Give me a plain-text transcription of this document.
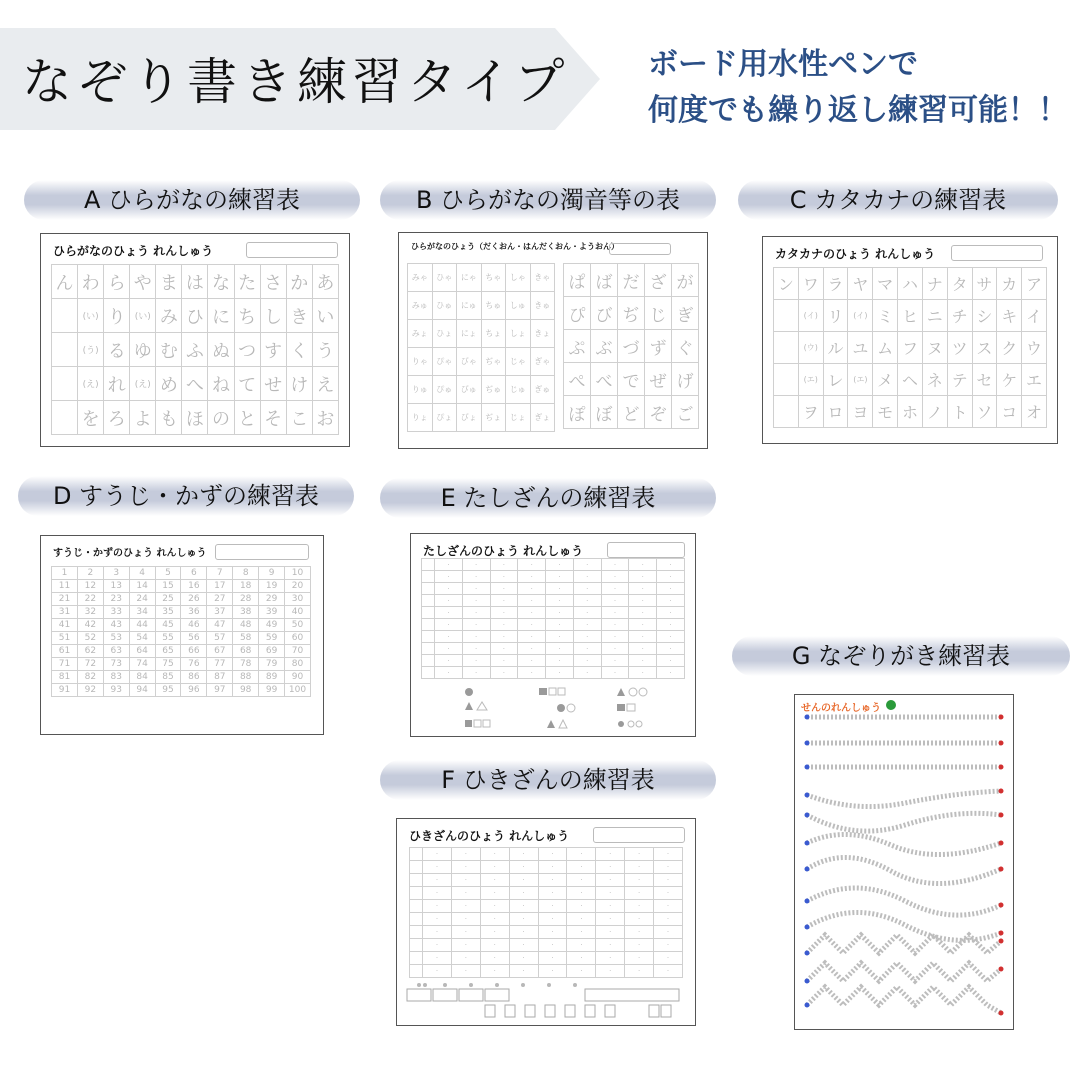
なぞり書き練習タイプ	ボード用水性ペンで
何度でも繰り返し練習可能！！
A ひらがなの練習表	B ひらがなの濁音等の表	C カタカナの練習表
D すうじ・かずの練習表	E たしざんの練習表
F ひきざんの練習表
G なぞりがき練習表
ひらがなのひょう れんしゅう
ん	わ	ら	や	ま	は	な	た	さ	か	あ
	(い)	り	(い)	み	ひ	に	ち	し	き	い
	(う)	る	ゆ	む	ふ	ぬ	つ	す	く	う
	(え)	れ	(え)	め	へ	ね	て	せ	け	え
	を	ろ	よ	も	ほ	の	と	そ	こ	お
ひらがなのひょう（だくおん・はんだくおん・ようおん）
みゃ	ひゃ	にゃ	ちゃ	しゃ	きゃ
みゅ	ひゅ	にゅ	ちゅ	しゅ	きゅ
みょ	ひょ	にょ	ちょ	しょ	きょ
りゃ	ぴゃ	びゃ	ぢゃ	じゃ	ぎゃ
りゅ	ぴゅ	びゅ	ぢゅ	じゅ	ぎゅ
りょ	ぴょ	びょ	ぢょ	じょ	ぎょ
ぱ	ば	だ	ざ	が
ぴ	び	ぢ	じ	ぎ
ぷ	ぶ	づ	ず	ぐ
ぺ	べ	で	ぜ	げ
ぽ	ぼ	ど	ぞ	ご
カタカナのひょう れんしゅう
ン	ワ	ラ	ヤ	マ	ハ	ナ	タ	サ	カ	ア
	(イ)	リ	(イ)	ミ	ヒ	ニ	チ	シ	キ	イ
	(ウ)	ル	ユ	ム	フ	ヌ	ツ	ス	ク	ウ
	(エ)	レ	(エ)	メ	ヘ	ネ	テ	セ	ケ	エ
	ヲ	ロ	ヨ	モ	ホ	ノ	ト	ソ	コ	オ
すうじ・かずのひょう れんしゅう
1	2	3	4	5	6	7	8	9	10
11	12	13	14	15	16	17	18	19	20
21	22	23	24	25	26	27	28	29	30
31	32	33	34	35	36	37	38	39	40
41	42	43	44	45	46	47	48	49	50
51	52	53	54	55	56	57	58	59	60
61	62	63	64	65	66	67	68	69	70
71	72	73	74	75	76	77	78	79	80
81	82	83	84	85	86	87	88	89	90
91	92	93	94	95	96	97	98	99	100
たしざんのひょう れんしゅう
	·	·	·	·	·	·	·	·	·
	·	·	·	·	·	·	·	·	·
	·	·	·	·	·	·	·	·	·
	·	·	·	·	·	·	·	·	·
	·	·	·	·	·	·	·	·	·
	·	·	·	·	·	·	·	·	·
	·	·	·	·	·	·	·	·	·
	·	·	·	·	·	·	·	·	·
	·	·	·	·	·	·	·	·	·
	·	·	·	·	·	·	·	·	·
ひきざんのひょう れんしゅう
	·	·	·	·	·	·	·	·	·
	·	·	·	·	·	·	·	·	·
	·	·	·	·	·	·	·	·	·
	·	·	·	·	·	·	·	·	·
	·	·	·	·	·	·	·	·	·
	·	·	·	·	·	·	·	·	·
	·	·	·	·	·	·	·	·	·
	·	·	·	·	·	·	·	·	·
	·	·	·	·	·	·	·	·	·
	·	·	·	·	·	·	·	·	·
せんのれんしゅう
